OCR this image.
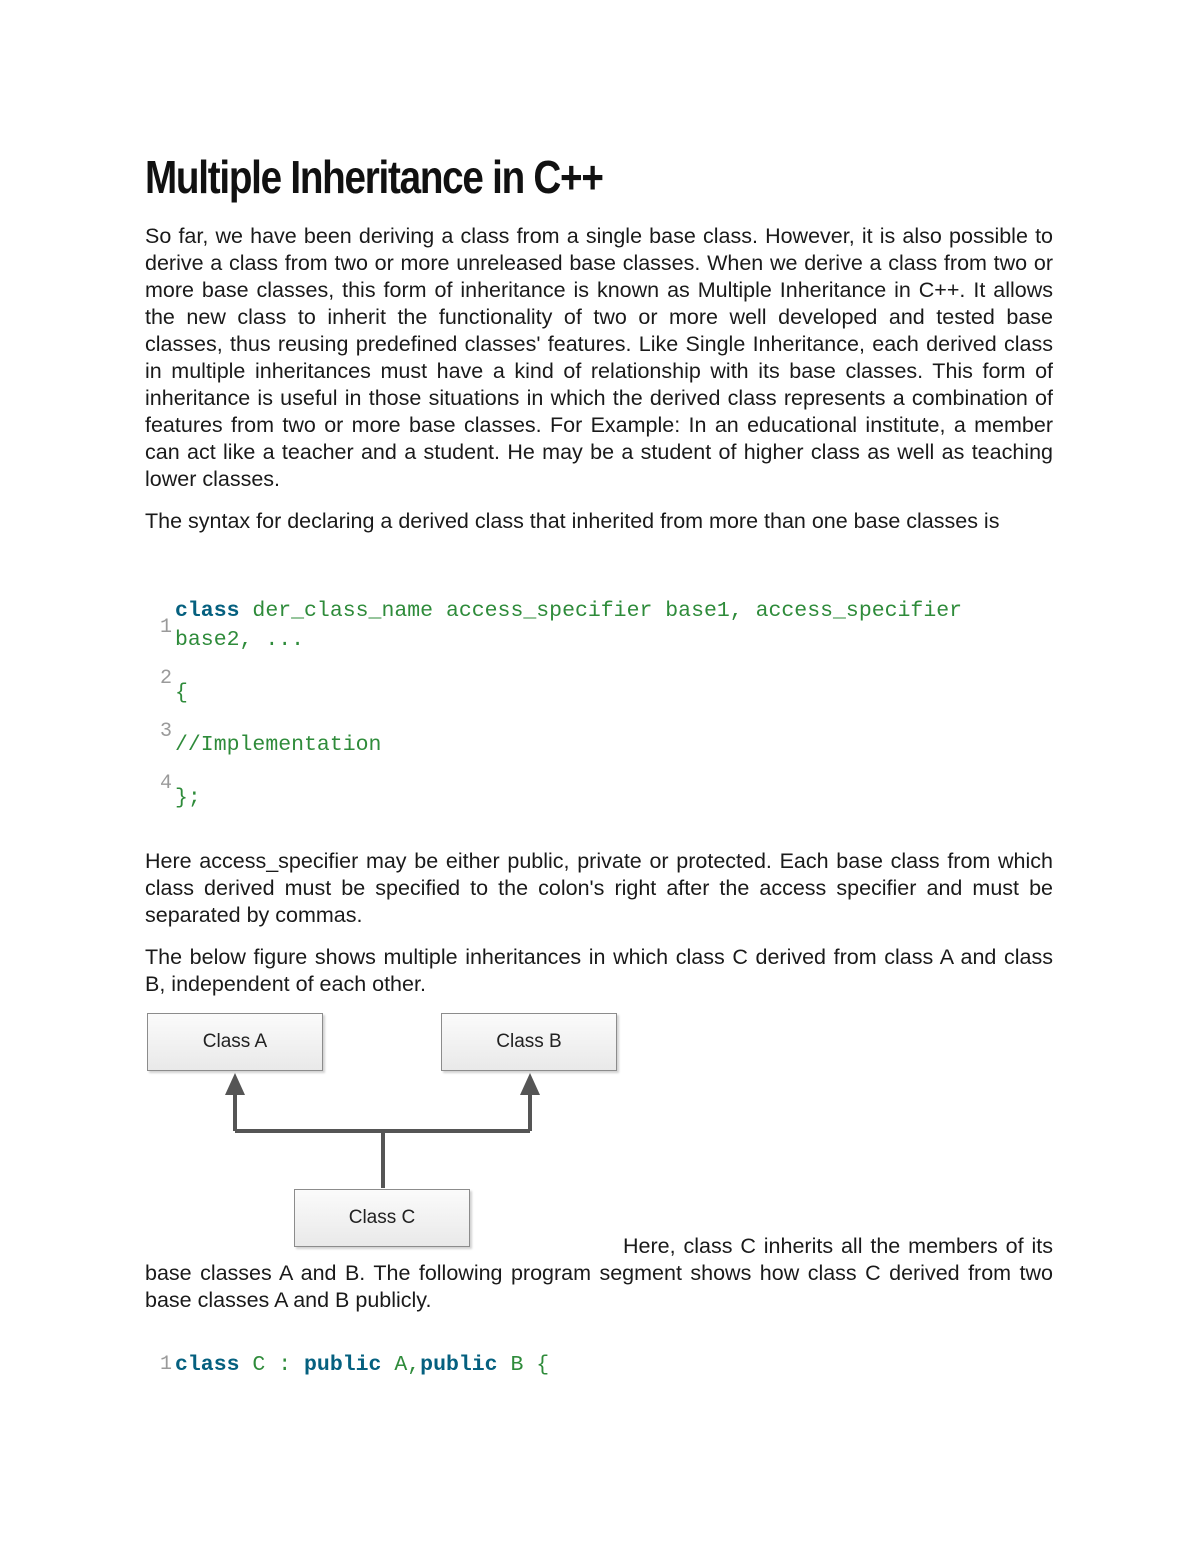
Multiple Inheritance in C++

So far, we have been deriving a class from a single base class. However, it is also possible to derive a class from two or more unreleased base classes. When we derive a class from two or more base classes, this form of inheritance is known as Multiple Inheritance in C++. It allows the new class to inherit the functionality of two or more well developed and tested base classes, thus reusing predefined classes' features. Like Single Inheritance, each derived class in multiple inheritances must have a kind of relationship with its base classes. This form of inheritance is useful in those situations in which the derived class represents a combination of features from two or more base classes. For Example: In an educational institute, a member can act like a teacher and a student. He may be a student of higher class as well as teaching lower classes.

The syntax for declaring a derived class that inherited from more than one base classes is

1
class der_class_name access_specifier base1, access_specifier
base2, ...
2
{
3
//Implementation
4
};

Here access_specifier may be either public, private or protected. Each base class from which class derived must be specified to the colon's right after the access specifier and must be separated by commas.

The below figure shows multiple inheritances in which class C derived from class A and class B, independent of each other.

Class A	Class B
Class C

Here, class C inherits all the members of its base classes A and B. The following program segment shows how class C derived from two base classes A and B publicly.

1 class C : public A,public B {
